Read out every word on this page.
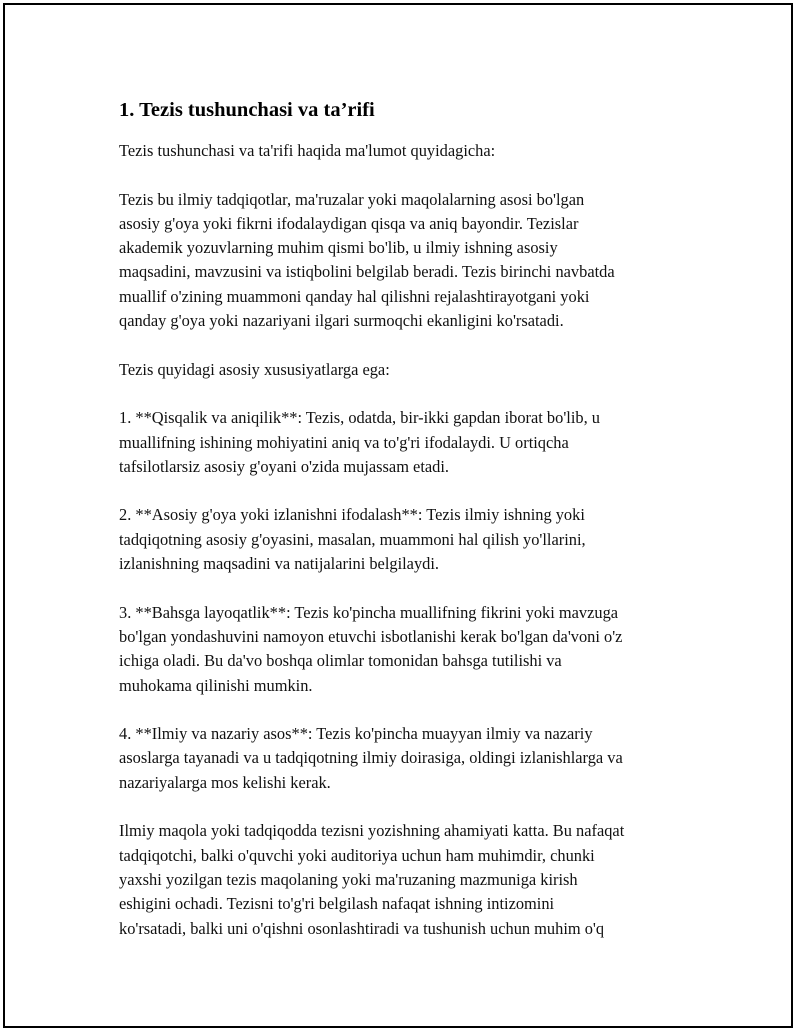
1. Tezis tushunchasi va ta’rifi

Tezis tushunchasi va ta'rifi haqida ma'lumot quyidagicha:

Tezis bu ilmiy tadqiqotlar, ma'ruzalar yoki maqolalarning asosi bo'lgan
asosiy g'oya yoki fikrni ifodalaydigan qisqa va aniq bayondir. Tezislar
akademik yozuvlarning muhim qismi bo'lib, u ilmiy ishning asosiy
maqsadini, mavzusini va istiqbolini belgilab beradi. Tezis birinchi navbatda
muallif o'zining muammoni qanday hal qilishni rejalashtirayotgani yoki
qanday g'oya yoki nazariyani ilgari surmoqchi ekanligini ko'rsatadi.

Tezis quyidagi asosiy xususiyatlarga ega:

1. **Qisqalik va aniqilik**: Tezis, odatda, bir-ikki gapdan iborat bo'lib, u
muallifning ishining mohiyatini aniq va to'g'ri ifodalaydi. U ortiqcha
tafsilotlarsiz asosiy g'oyani o'zida mujassam etadi.

2. **Asosiy g'oya yoki izlanishni ifodalash**: Tezis ilmiy ishning yoki
tadqiqotning asosiy g'oyasini, masalan, muammoni hal qilish yo'llarini,
izlanishning maqsadini va natijalarini belgilaydi.

3. **Bahsga layoqatlik**: Tezis ko'pincha muallifning fikrini yoki mavzuga
bo'lgan yondashuvini namoyon etuvchi isbotlanishi kerak bo'lgan da'voni o'z
ichiga oladi. Bu da'vo boshqa olimlar tomonidan bahsga tutilishi va
muhokama qilinishi mumkin.

4. **Ilmiy va nazariy asos**: Tezis ko'pincha muayyan ilmiy va nazariy
asoslarga tayanadi va u tadqiqotning ilmiy doirasiga, oldingi izlanishlarga va
nazariyalarga mos kelishi kerak.

Ilmiy maqola yoki tadqiqodda tezisni yozishning ahamiyati katta. Bu nafaqat
tadqiqotchi, balki o'quvchi yoki auditoriya uchun ham muhimdir, chunki
yaxshi yozilgan tezis maqolaning yoki ma'ruzaning mazmuniga kirish
eshigini ochadi. Tezisni to'g'ri belgilash nafaqat ishning intizomini
ko'rsatadi, balki uni o'qishni osonlashtiradi va tushunish uchun muhim o'q
